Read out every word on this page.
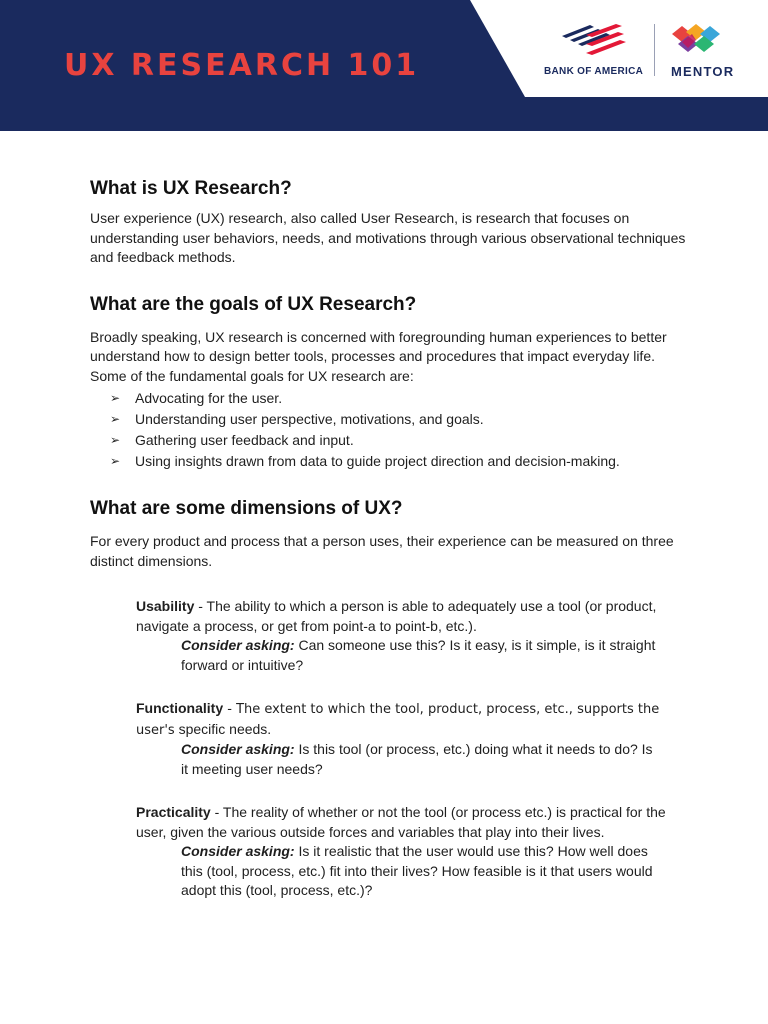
UX RESEARCH 101	BANK OF AMERICA MENTOR
What is UX Research?

User experience (UX) research, also called User Research, is research that focuses on understanding user behaviors, needs, and motivations through various observational techniques and feedback methods.

What are the goals of UX Research?

Broadly speaking, UX research is concerned with foregrounding human experiences to better understand how to design better tools, processes and procedures that impact everyday life. Some of the fundamental goals for UX research are:

➢	Advocating for the user.
➢	Understanding user perspective, motivations, and goals.
➢	Gathering user feedback and input.
➢	Using insights drawn from data to guide project direction and decision-making.
What are some dimensions of UX?

For every product and process that a person uses, their experience can be measured on three distinct dimensions.

Usability - The ability to which a person is able to adequately use a tool (or product, navigate a process, or get from point-a to point-b, etc.).

Consider asking: Can someone use this? Is it easy, is it simple, is it straight forward or intuitive?

Functionality - The extent to which the tool, product, process, etc., supports the user's specific needs.

Consider asking: Is this tool (or process, etc.) doing what it needs to do? Is it meeting user needs?

Practicality - The reality of whether or not the tool (or process etc.) is practical for the user, given the various outside forces and variables that play into their lives.

Consider asking: Is it realistic that the user would use this? How well does this (tool, process, etc.) fit into their lives? How feasible is it that users would adopt this (tool, process, etc.)?
